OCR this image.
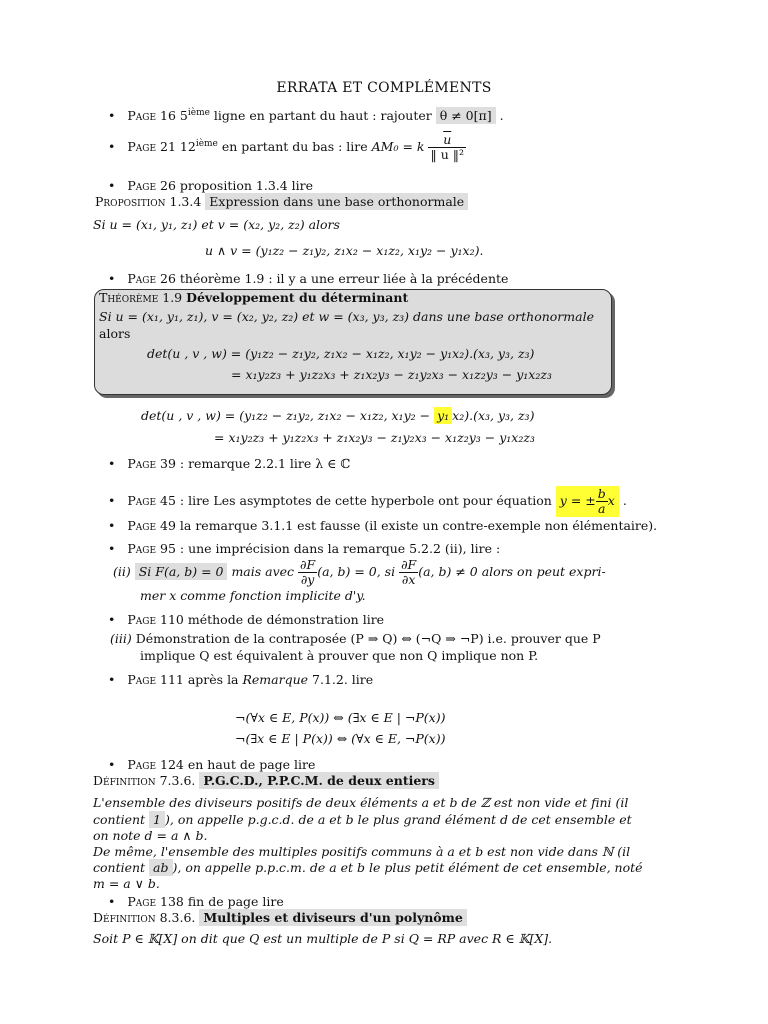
ERRATA ET COMPLÉMENTS
• Page 16 5ième ligne en partant du haut : rajouter θ ≠ 0[π] .
• Page 21 12ième en partant du bas : lire AM₀ = k $\frac{\overline{u}}{\text{‖ u ‖²}}$
• Page 26 proposition 1.3.4 lire
Proposition 1.3.4 Expression dans une base orthonormale
Si u = (x₁, y₁, z₁) et v = (x₂, y₂, z₂) alors
u ∧ v = (y₁z₂ − z₁y₂, z₁x₂ − x₁z₂, x₁y₂ − y₁x₂).
• Page 26 théorème 1.9 : il y a une erreur liée à la précédente
Théorème 1.9 Développement du déterminant
Si u = (x₁, y₁, z₁), v = (x₂, y₂, z₂) et w = (x₃, y₃, z₃) dans une base orthonormale
alors
det(u , v , w) = (y₁z₂ − z₁y₂, z₁x₂ − x₁z₂, x₁y₂ − y₁x₂).(x₃, y₃, z₃)
= x₁y₂z₃ + y₁z₂x₃ + z₁x₂y₃ − z₁y₂x₃ − x₁z₂y₃ − y₁x₂z₃
det(u , v , w) = (y₁z₂ − z₁y₂, z₁x₂ − x₁z₂, x₁y₂ − y₁ x₂).(x₃, y₃, z₃)
= x₁y₂z₃ + y₁z₂x₃ + z₁x₂y₃ − z₁y₂x₃ − x₁z₂y₃ − y₁x₂z₃
• Page 39 : remarque 2.2.1 lire λ ∈ ℂ
• Page 45 : lire Les asymptotes de cette hyperbole ont pour équation y = ± $\frac{b}{a}$ x .
• Page 49 la remarque 3.1.1 est fausse (il existe un contre-exemple non élémentaire).
• Page 95 : une imprécision dans la remarque 5.2.2 (ii), lire :
(ii) Si F(a, b) = 0 mais avec $\frac{\partial F}{\partial y} (a$, b) = 0, si $\frac{\partial F}{\partial x} (a$, b) ≠ 0 alors on peut expri-
mer x comme fonction implicite d'y.
• Page 110 méthode de démonstration lire
(iii) Démonstration de la contraposée (P ⇒ Q) ⇔ (¬Q ⇒ ¬P) i.e. prouver que P
implique Q est équivalent à prouver que non Q implique non P.
• Page 111 après la Remarque 7.1.2. lire
¬(∀x ∈ E, P(x)) ⇔ (∃x ∈ E | ¬P(x))
¬(∃x ∈ E | P(x)) ⇔ (∀x ∈ E, ¬P(x))
• Page 124 en haut de page lire
Définition 7.3.6. P.G.C.D., P.P.C.M. de deux entiers
L'ensemble des diviseurs positifs de deux éléments a et b de ℤ est non vide et fini (il
contient 1 ), on appelle p.g.c.d. de a et b le plus grand élément d de cet ensemble et
on note d = a ∧ b.
De même, l'ensemble des multiples positifs communs à a et b est non vide dans ℕ (il
contient ab ), on appelle p.p.c.m. de a et b le plus petit élément de cet ensemble, noté
m = a ∨ b.
• Page 138 fin de page lire
Définition 8.3.6. Multiples et diviseurs d'un polynôme
Soit P ∈ 𝕂[X] on dit que Q est un multiple de P si Q = RP avec R ∈ 𝕂[X].
